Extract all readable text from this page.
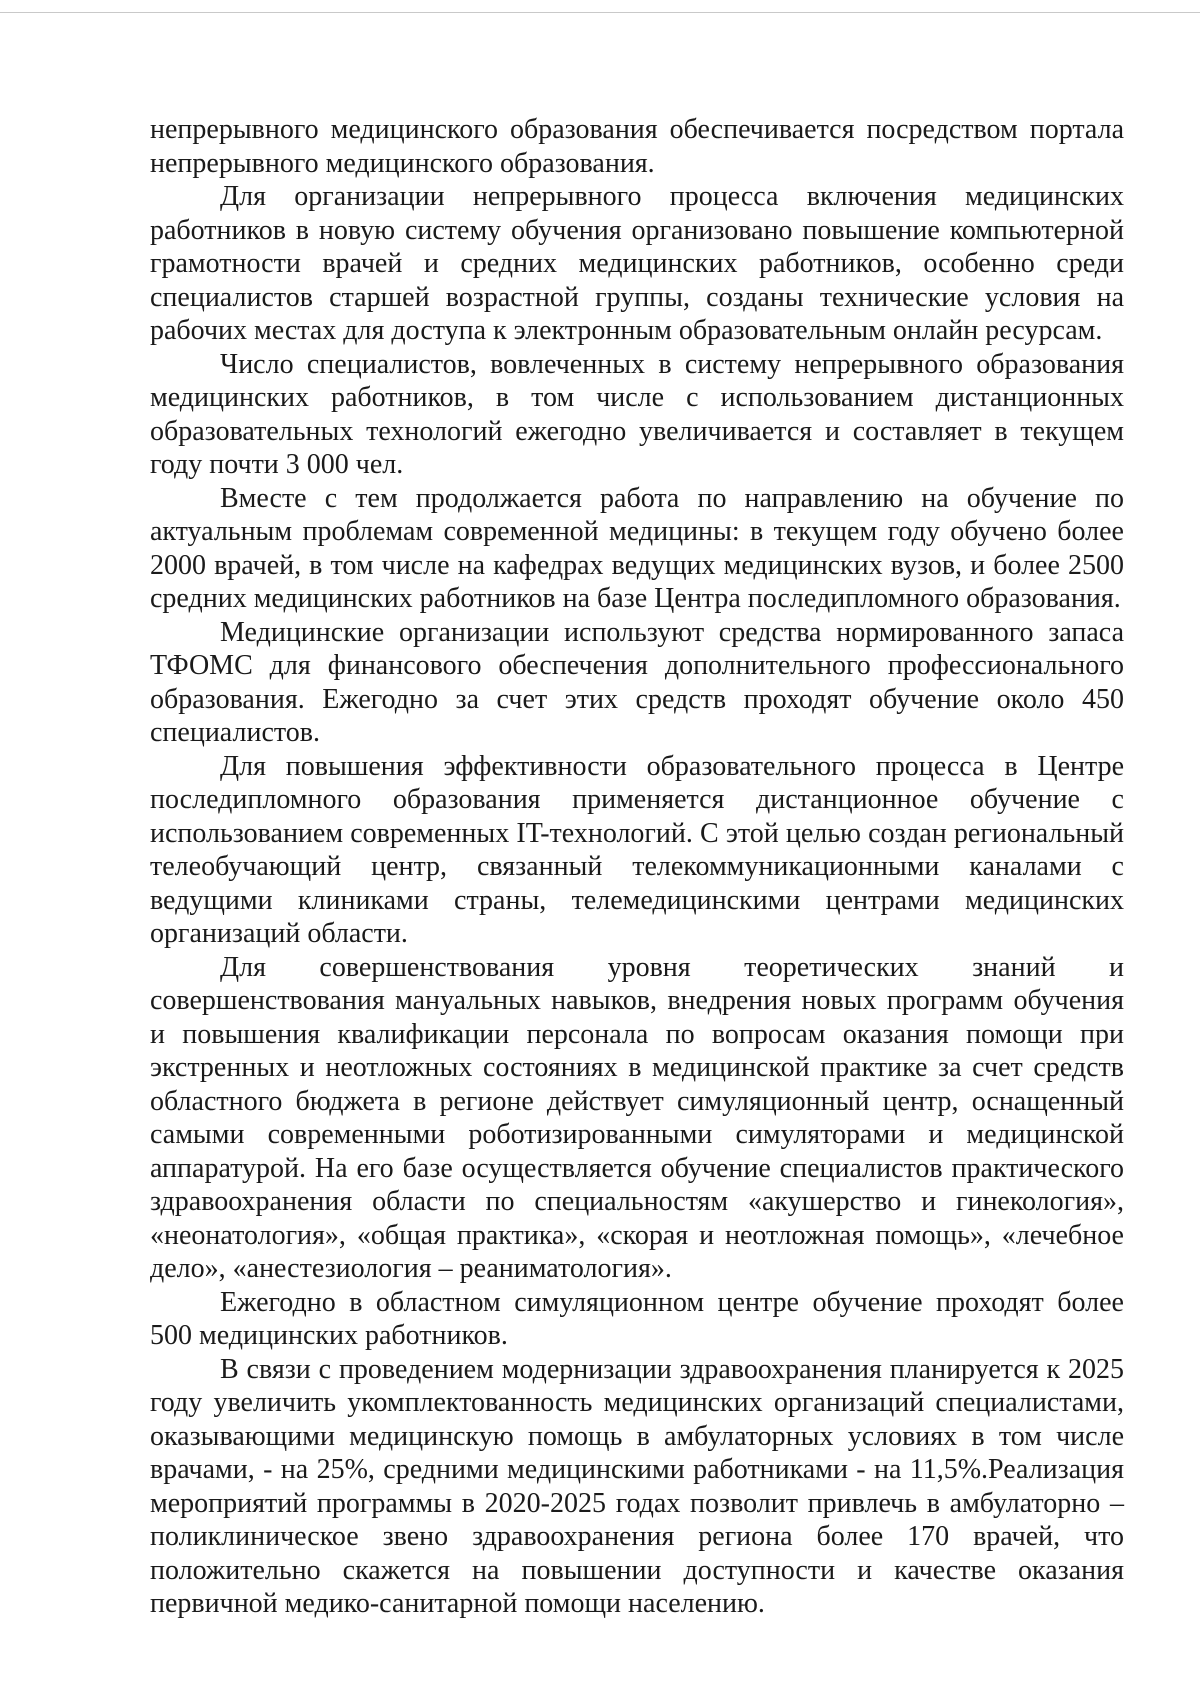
непрерывного медицинского образования обеспечивается посредством портала непрерывного медицинского образования.

Для организации непрерывного процесса включения медицинских работников в новую систему обучения организовано повышение компьютерной грамотности врачей и средних медицинских работников, особенно среди специалистов старшей возрастной группы, созданы технические условия на рабочих местах для доступа к электронным образовательным онлайн ресурсам.

Число специалистов, вовлеченных в систему непрерывного образования медицинских работников, в том числе с использованием дистанционных образовательных технологий ежегодно увеличивается и составляет в текущем году почти 3 000 чел.

Вместе с тем продолжается работа по направлению на обучение по актуальным проблемам современной медицины: в текущем году обучено более 2000 врачей, в том числе на кафедрах ведущих медицинских вузов, и более 2500 средних медицинских работников на базе Центра последипломного образования.

Медицинские организации используют средства нормированного запаса ТФОМС для финансового обеспечения дополнительного профессионального образования. Ежегодно за счет этих средств проходят обучение около 450 специалистов.

Для повышения эффективности образовательного процесса в Центре последипломного образования применяется дистанционное обучение с использованием современных IT-технологий. С этой целью создан региональный телеобучающий центр, связанный телекоммуникационными каналами с ведущими клиниками страны, телемедицинскими центрами медицинских организаций области.

Для совершенствования уровня теоретических знаний и совершенствования мануальных навыков, внедрения новых программ обучения и повышения квалификации персонала по вопросам оказания помощи при экстренных и неотложных состояниях в медицинской практике за счет средств областного бюджета в регионе действует симуляционный центр, оснащенный самыми современными роботизированными симуляторами и медицинской аппаратурой. На его базе осуществляется обучение специалистов практического здравоохранения области по специальностям «акушерство и гинекология», «неонатология», «общая практика», «скорая и неотложная помощь», «лечебное дело», «анестезиология – реаниматология».

Ежегодно в областном симуляционном центре обучение проходят более 500 медицинских работников.

В связи с проведением модернизации здравоохранения планируется к 2025 году увеличить укомплектованность медицинских организаций специалистами, оказывающими медицинскую помощь в амбулаторных условиях в том числе врачами, - на 25%, средними медицинскими работниками - на 11,5%.Реализация мероприятий программы в 2020-2025 годах позволит привлечь в амбулаторно – поликлиническое звено здравоохранения региона более 170 врачей, что положительно скажется на повышении доступности и качестве оказания первичной медико-санитарной помощи населению.
